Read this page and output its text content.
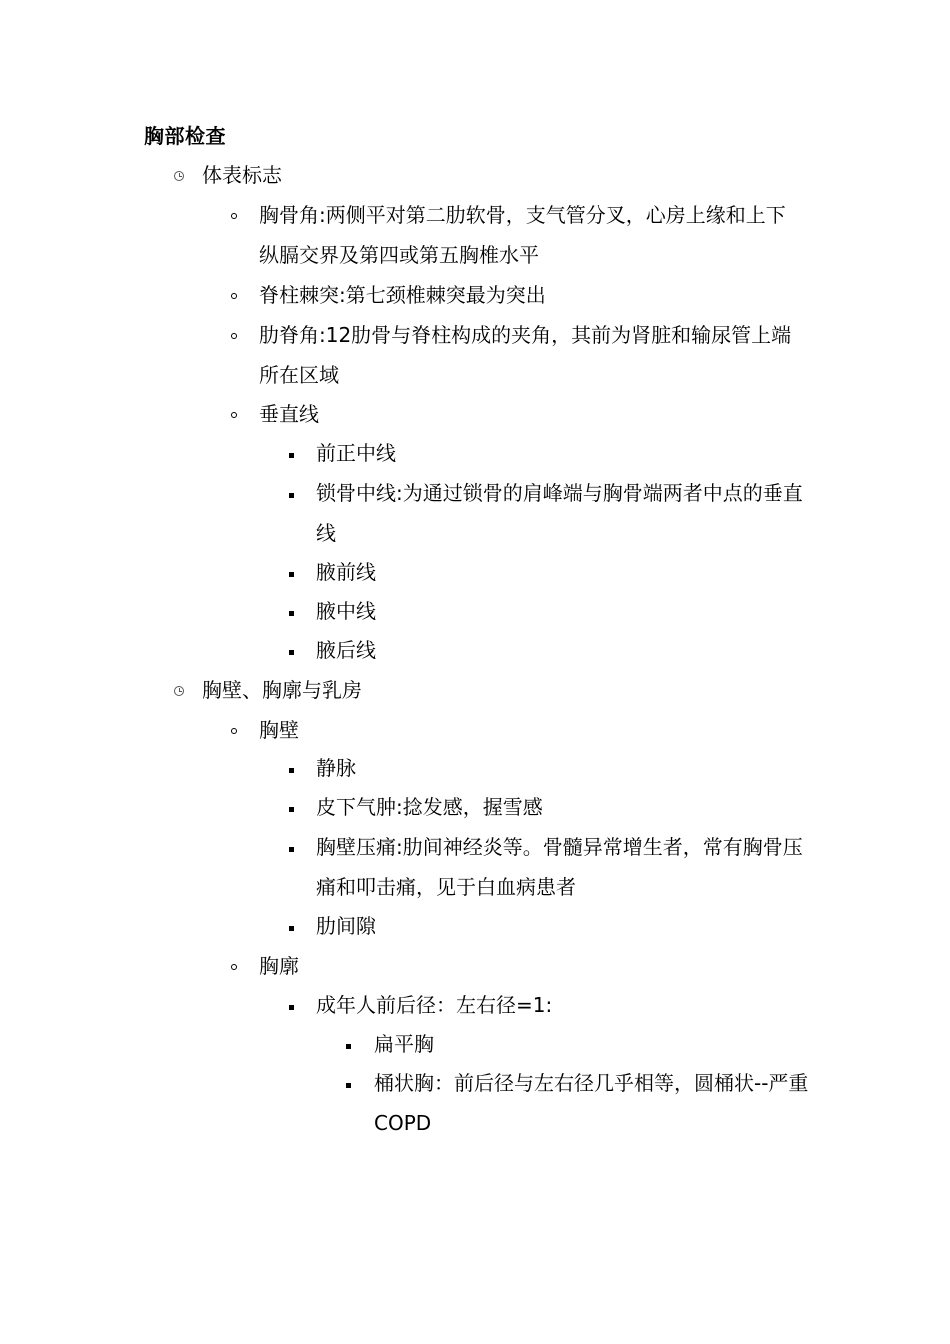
胸部检查
体表标志
胸骨角:两侧平对第二肋软骨，支气管分叉，心房上缘和上下纵膈交界及第四或第五胸椎水平
脊柱棘突:第七颈椎棘突最为突出
肋脊角:12肋骨与脊柱构成的夹角，其前为肾脏和输尿管上端所在区域
垂直线
前正中线
锁骨中线:为通过锁骨的肩峰端与胸骨端两者中点的垂直线
腋前线
腋中线
腋后线
胸壁、胸廓与乳房
胸壁
静脉
皮下气肿:捻发感，握雪感
胸壁压痛:肋间神经炎等。骨髓异常增生者，常有胸骨压痛和叩击痛，见于白血病患者
肋间隙
胸廓
成年人前后径：左右径=1:
扁平胸
桶状胸：前后径与左右径几乎相等，圆桶状--严重COPD
